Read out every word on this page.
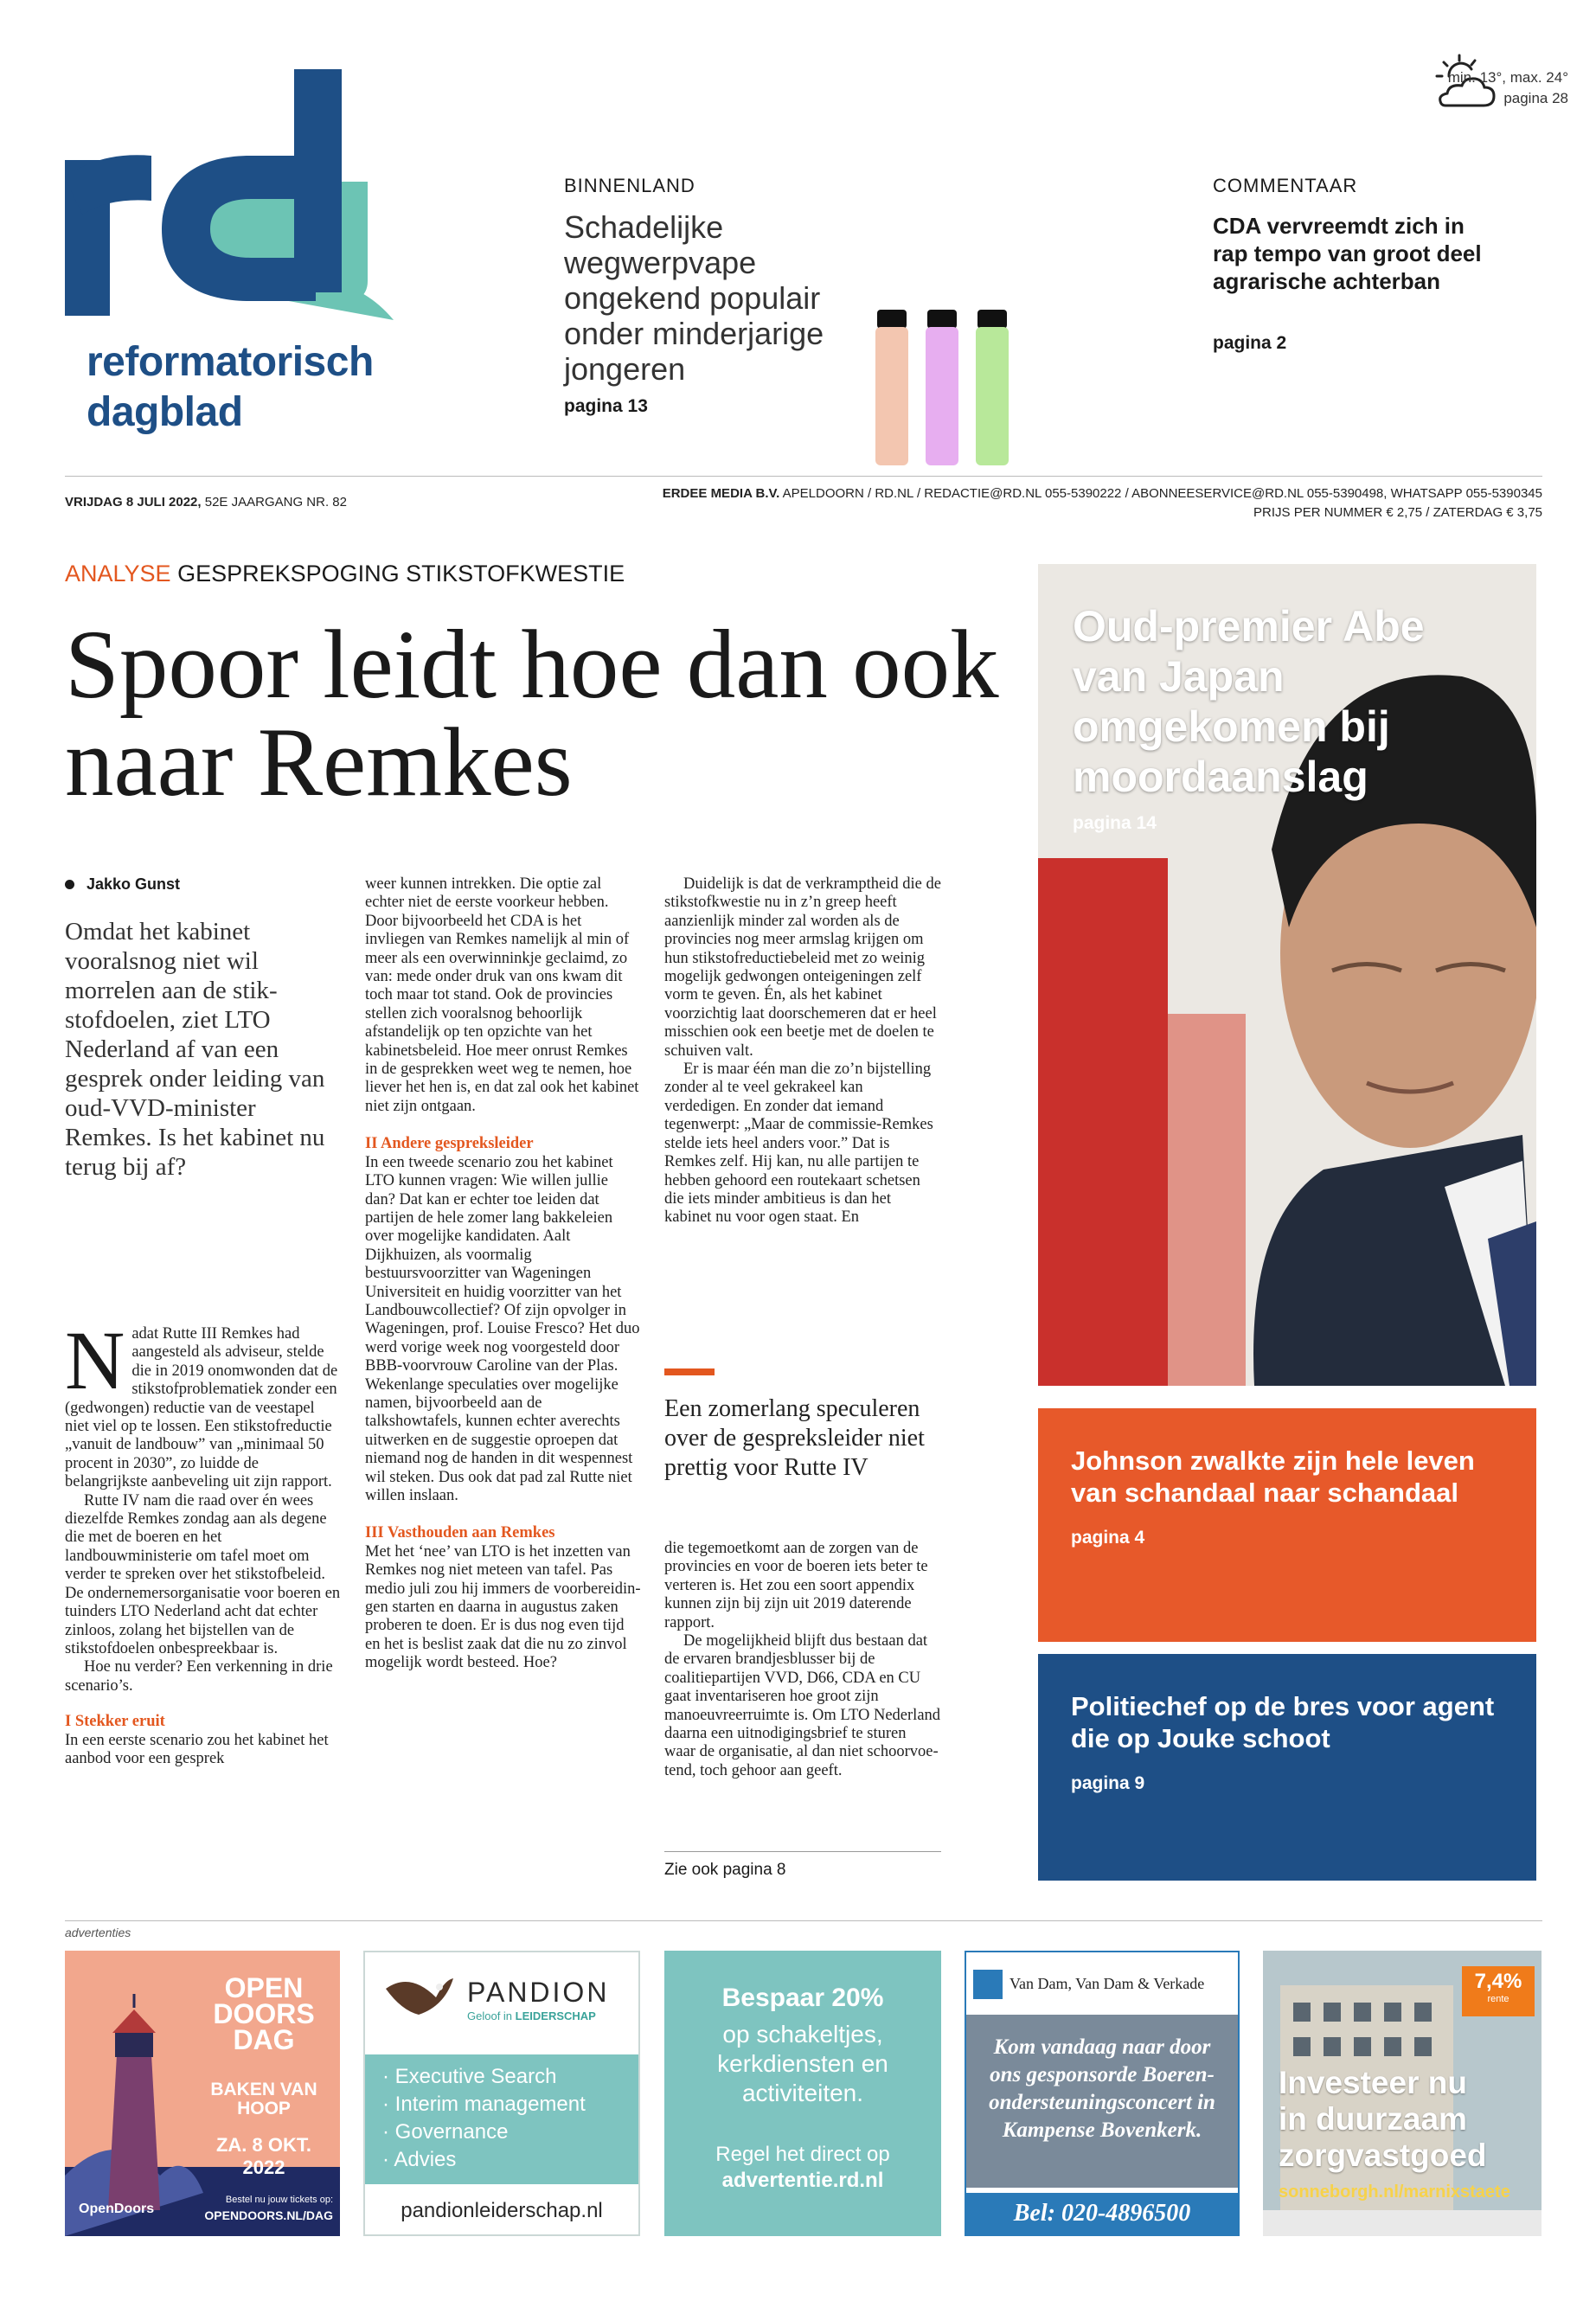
reformatorisch
dagblad
min. 13°, max. 24°
pagina 28
BINNENLAND
Schadelijke wegwerpvape ongekend populair onder minderjarige jongeren
pagina 13
COMMENTAAR
CDA vervreemdt zich in rap tempo van groot deel agrarische achterban
pagina 2
VRIJDAG 8 JULI 2022, 52E JAARGANG NR. 82
ERDEE MEDIA B.V. APELDOORN / RD.NL / REDACTIE@RD.NL 055-5390222 / ABONNEESERVICE@RD.NL 055-5390498, WHATSAPP 055-5390345
PRIJS PER NUMMER € 2,75 / ZATERDAG € 3,75
ANALYSE GESPREKSPOGING STIKSTOFKWESTIE
Spoor leidt hoe dan ook naar Remkes
Jakko Gunst
Omdat het kabinet vooralsnog niet wil morrelen aan de stikstofdoelen, ziet LTO Nederland af van een gesprek onder leiding van oud-VVD-minister Remkes. Is het kabinet nu terug bij af?

Nadat Rutte III Remkes had aangesteld als adviseur, stelde die in 2019 onomwonden dat de stikstofproblematiek zonder een (gedwongen) reductie van de veestapel niet viel op te lossen. Een stikstofreductie „vanuit de landbouw” van „minimaal 50 procent in 2030”, zo luidde de belangrijkste aanbeveling uit zijn rapport.

Rutte IV nam die raad over én wees diezelfde Remkes zondag aan als degene die met de boeren en het landbouwministerie om tafel moet om verder te spreken over het stikstofbeleid. De ondernemersorganisatie voor boeren en tuinders LTO Nederland acht dat echter zinloos, zolang het bijstellen van de stikstofdoelen onbespreekbaar is.

Hoe nu verder? Een verkenning in drie scenario’s.

I Stekker eruit

In een eerste scenario zou het kabinet het aanbod voor een gesprek

weer kunnen intrekken. Die optie zal echter niet de eerste voorkeur hebben. Door bijvoorbeeld het CDA is het invliegen van Remkes namelijk al min of meer als een overwinninkje geclaimd, zo van: mede onder druk van ons kwam dit toch maar tot stand. Ook de provincies stellen zich vooralsnog behoorlijk afstandelijk op ten opzichte van het kabinetsbeleid. Hoe meer onrust Remkes in de gesprekken weet weg te nemen, hoe liever het hen is, en dat zal ook het kabinet niet zijn ontgaan.

II Andere gespreksleider

In een tweede scenario zou het kabinet LTO kunnen vragen: Wie willen jullie dan? Dat kan er echter toe leiden dat partijen de hele zomer lang bakkeleien over mogelijke kandidaten. Aalt Dijkhuizen, als voormalig bestuursvoorzitter van Wageningen Universiteit en huidig voorzitter van het Landbouwcollectief? Of zijn opvolger in Wageningen, prof. Louise Fresco? Het duo werd vorige week nog voorgesteld door BBB-voorvrouw Caroline van der Plas. Wekenlange speculaties over mogelijke namen, bijvoorbeeld aan de talkshowtafels, kunnen echter averechts uitwerken en de suggestie oproepen dat niemand nog de handen in dit wespennest wil steken. Dus ook dat pad zal Rutte niet willen inslaan.

III Vasthouden aan Remkes

Met het ‘nee’ van LTO is het inzetten van Remkes nog niet meteen van tafel. Pas medio juli zou hij immers de voorbereidingen starten en daarna in augustus zaken proberen te doen. Er is dus nog even tijd en het is beslist zaak dat die nu zo zinvol mogelijk wordt besteed. Hoe?

Duidelijk is dat de verkramptheid die de stikstofkwestie nu in z’n greep heeft aanzienlijk minder zal worden als de provincies nog meer armslag krijgen om hun stikstofreductiebeleid met zo weinig mogelijk gedwongen onteigeningen zelf vorm te geven. Én, als het kabinet voorzichtig laat doorschemeren dat er heel misschien ook een beetje met de doelen te schuiven valt.

Er is maar één man die zo’n bijstelling zonder al te veel gekrakeel kan verdedigen. En zonder dat iemand tegenwerpt: „Maar de commissie-Remkes stelde iets heel anders voor.” Dat is Remkes zelf. Hij kan, nu alle partijen te hebben gehoord een routekaart schetsen die iets minder ambitieus is dan het kabinet nu voor ogen staat. En

Een zomerlang speculeren over de gespreksleider niet prettig voor Rutte IV

die tegemoetkomt aan de zorgen van de provincies en voor de boeren iets beter te verteren is. Het zou een soort appendix kunnen zijn bij zijn uit 2019 daterende rapport.

De mogelijkheid blijft dus bestaan dat de ervaren brandjesblusser bij de coalitiepartijen VVD, D66, CDA en CU gaat inventariseren hoe groot zijn manoeuvreerruimte is. Om LTO Nederland daarna een uitnodigingsbrief te sturen waar de organisatie, al dan niet schoorvoetend, toch gehoor aan geeft.

Zie ook pagina 8
Oud-premier Abe van Japan omgekomen bij moordaanslag
pagina 14
Johnson zwalkte zijn hele leven van schandaal naar schandaal
pagina 4
Politiechef op de bres voor agent die op Jouke schoot
pagina 9
advertenties
OPEN
DOORS
DAG
BAKEN VAN
HOOP
ZA. 8 OKT. 2022
OpenDoors
Bestel nu jouw tickets op:
OPENDOORS.NL/DAG
PANDION
Geloof in LEIDERSCHAP
· Executive Search
· Interim management
· Governance
· Advies
pandionleiderschap.nl
Bespaar 20%
op schakeltjes, kerkdiensten en activiteiten.
Regel het direct op
advertentie.rd.nl
Van Dam, Van Dam & Verkade
Kom vandaag naar door ons gesponsorde Boerenondersteuningsconcert in Kampense Bovenkerk.
Bel: 020-4896500
7,4%
rente
Investeer nu
in duurzaam
zorgvastgoed
sonneborgh.nl/marnixstaete
